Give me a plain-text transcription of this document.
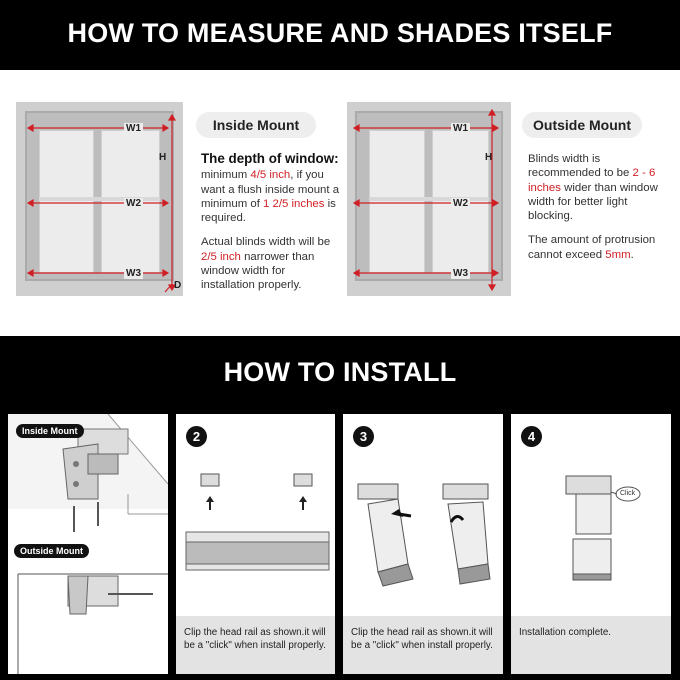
HOW TO MEASURE AND SHADES ITSELF
W1
W2
W3
H
D
Inside Mount
The depth of window:
minimum 4/5 inch, if you want a flush inside mount a minimum of 1 2/5 inches is required.
Actual blinds width will be 2/5 inch narrower than window width for installation properly.
W1
W2
W3
H
Outside Mount
Blinds width is recommended to be 2 - 6 inches wider than window width for better light blocking.
The amount of protrusion cannot exceed 5mm.
HOW TO INSTALL
Inside Mount
Outside Mount
2
Clip the head rail as shown.it will be a "click" when install properly.
3
Clip the head rail as shown.it will be a "click" when install properly.
4
Click
Installation complete.
